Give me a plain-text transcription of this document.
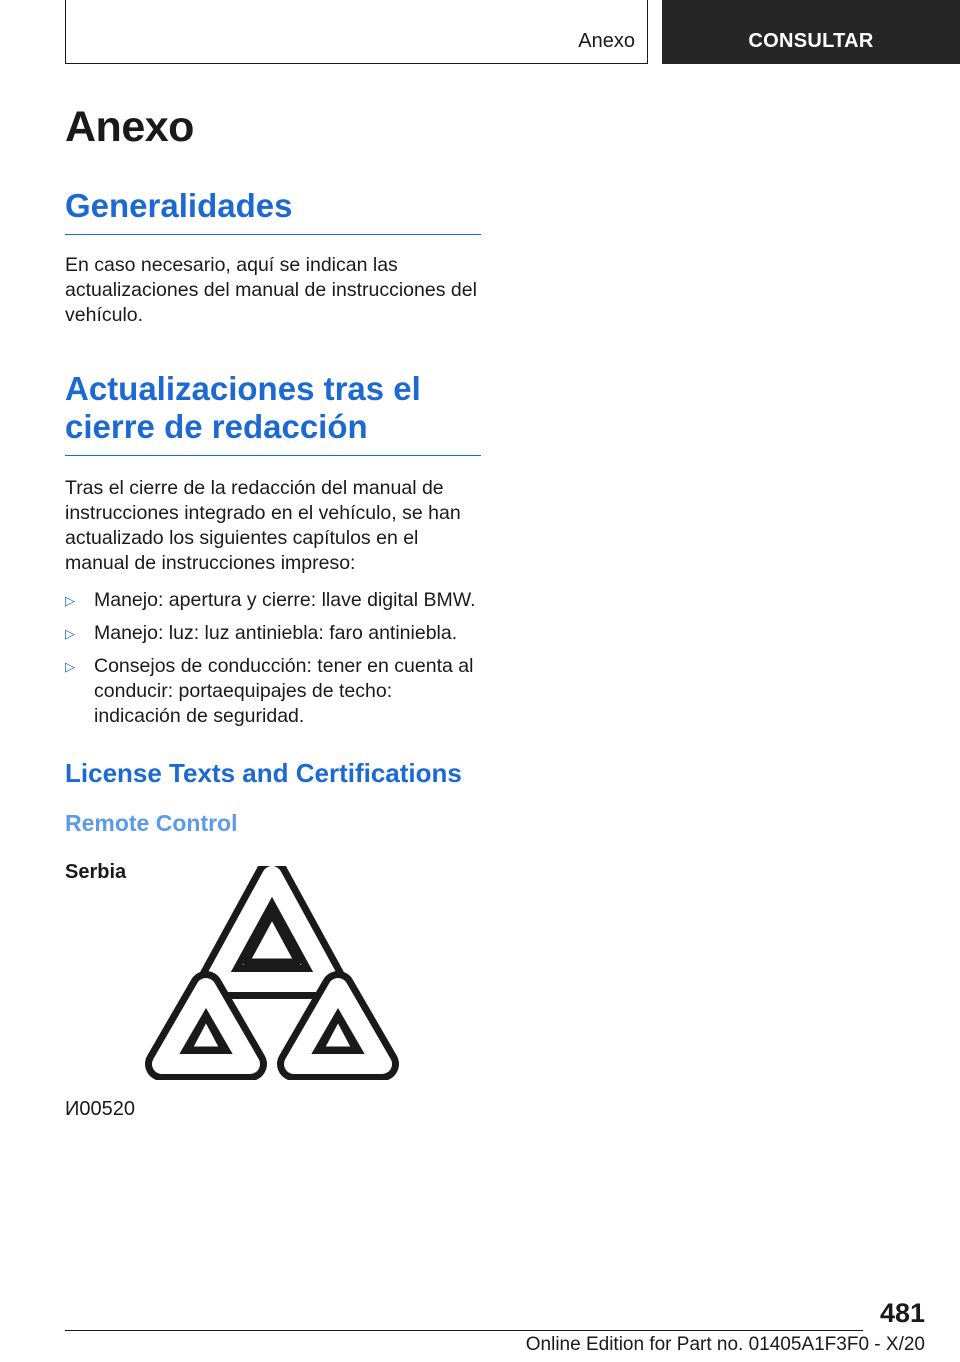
Anexo	CONSULTAR
Anexo
Generalidades

En caso necesario, aquí se indican las actualizaciones del manual de instrucciones del vehículo.

Actualizaciones tras el cierre de redacción

Tras el cierre de la redacción del manual de instrucciones integrado en el vehículo, se han actualizado los siguientes capítulos en el manual de instrucciones impreso:

▷ Manejo: apertura y cierre: llave digital BMW.
▷ Manejo: luz: luz antiniebla: faro antiniebla.
▷ Consejos de conducción: tener en cuenta al conducir: portaequipajes de techo: indicación de seguridad.
License Texts and Certifications
Remote Control
Serbia
И00520
481
Online Edition for Part no. 01405A1F3F0 - X/20
